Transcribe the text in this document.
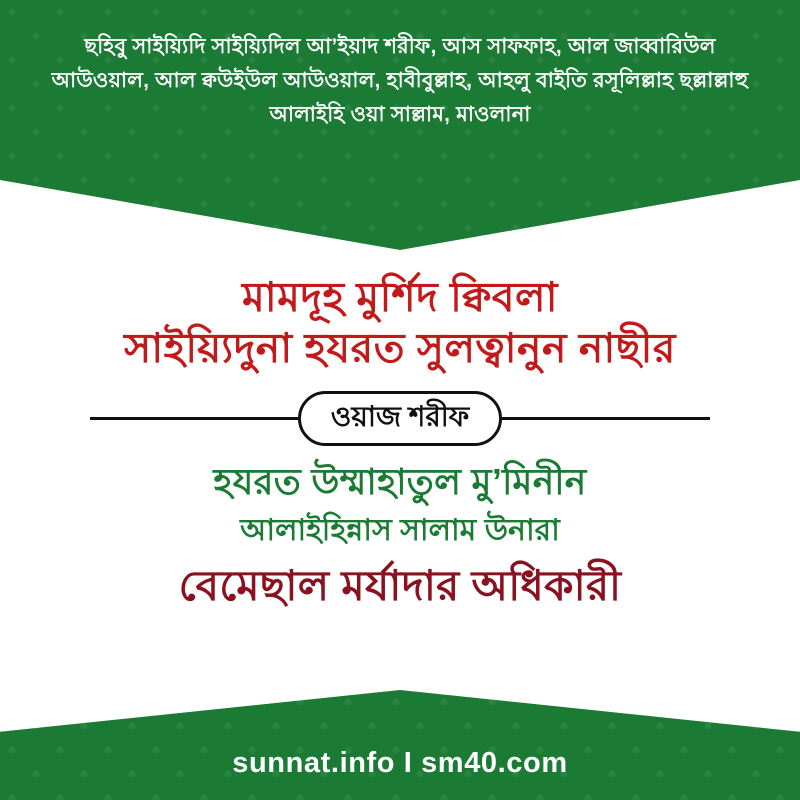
ছহিবু সাইয়্যিদি সাইয়্যিদিল আ’ইয়াদ শরীফ, আস সাফফাহ, আল জাব্বারিউল আউওয়াল, আল ক্বউইউল আউওয়াল, হাবীবুল্লাহ, আহলু বাইতি রসূলিল্লাহ ছল্লাল্লাহু আলাইহি ওয়া সাল্লাম, মাওলানা
মামদূহ মুর্শিদ ক্বিবলা
সাইয়্যিদুনা হযরত সুলত্বানুন নাছীর
ওয়াজ শরীফ
হযরত উম্মাহাতুল মু’মিনীন
আলাইহিন্নাস সালাম উনারা
বেমেছাল মর্যাদার অধিকারী
sunnat.info I sm40.com
